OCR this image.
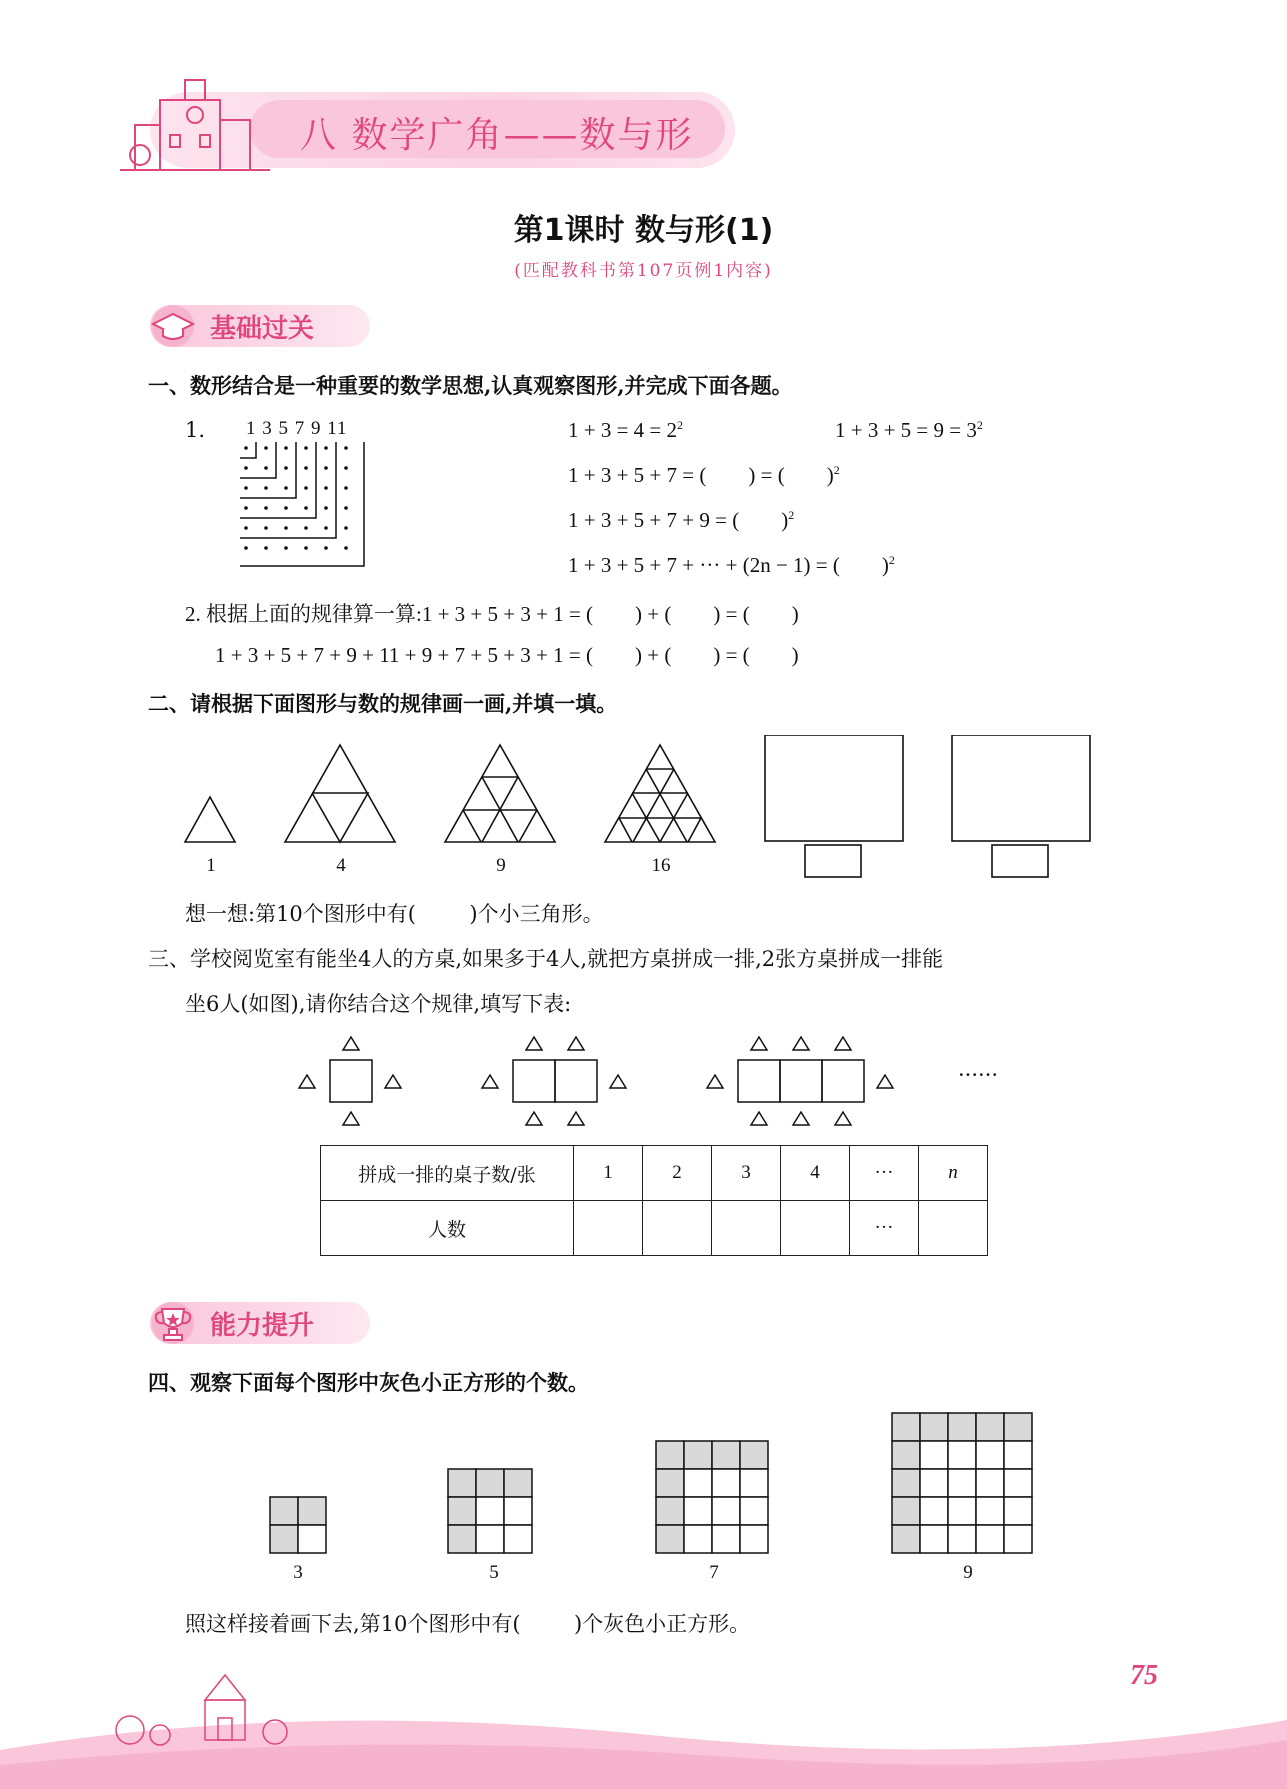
八 数学广角——数与形
第1课时 数与形(1)
(匹配教科书第107页例1内容)
基础过关
一、数形结合是一种重要的数学思想,认真观察图形,并完成下面各题。
1. 1 3 5 7 9 11	$1 + 3 = 4 = 2^2$	$1 + 3 + 5 = 9 = 3^2$
1 + 3 + 5 + 7 = (        ) = (        )$^2$
1 + 3 + 5 + 7 + 9 = (        )$^2$
1 + 3 + 5 + 7 + ··· + (2n − 1) = (        )$^2$
2. 根据上面的规律算一算:1 + 3 + 5 + 3 + 1 = (        ) + (        ) = (        )
1 + 3 + 5 + 7 + 9 + 11 + 9 + 7 + 5 + 3 + 1 = (        ) + (        ) = (        )
二、请根据下面图形与数的规律画一画,并填一填。
1	4	9	16
想一想:第10个图形中有(        )个小三角形。
三、学校阅览室有能坐4人的方桌,如果多于4人,就把方桌拼成一排,2张方桌拼成一排能
坐6人(如图),请你结合这个规律,填写下表:
······
拼成一排的桌子数/张	1	2	3	4	···	n
人数					···	
能力提升
四、观察下面每个图形中灰色小正方形的个数。
3	5	7	9
照这样接着画下去,第10个图形中有(        )个灰色小正方形。
75
